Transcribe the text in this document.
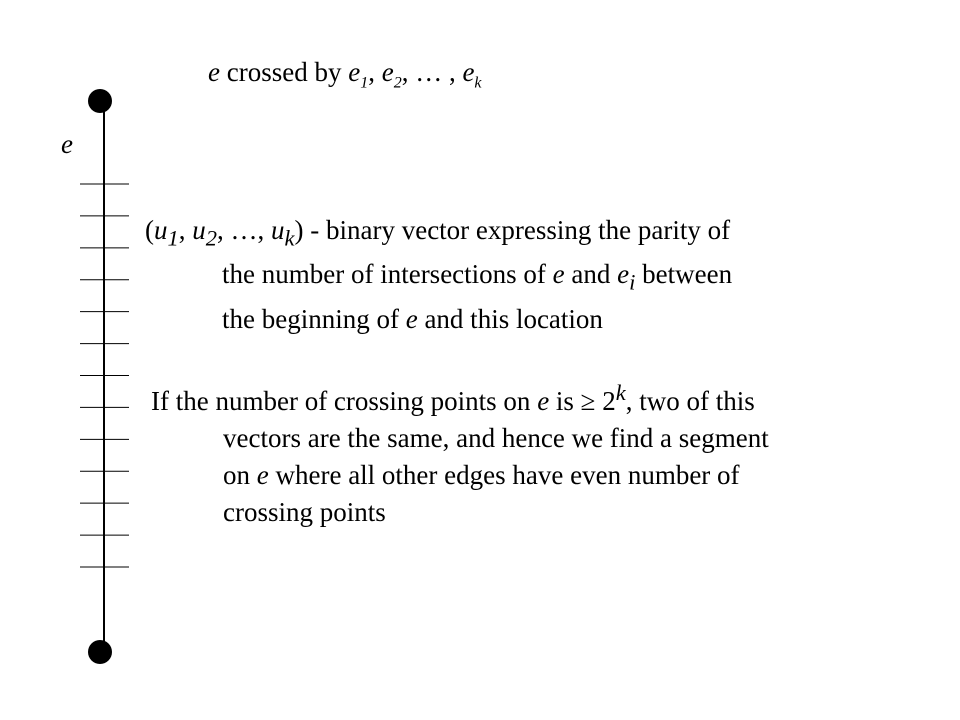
e crossed by $e_1$, $e_2$, … , $e_k$

e

($u_1$, $u_2$, …, $u_k$) - binary vector expressing the parity of
the number of intersections of e and $e_i$ between
the beginning of e and this location
If the number of crossing points on e is ≥ $2^k$, two of this
vectors are the same, and hence we find a segment
on e where all other edges have even number of
crossing points
